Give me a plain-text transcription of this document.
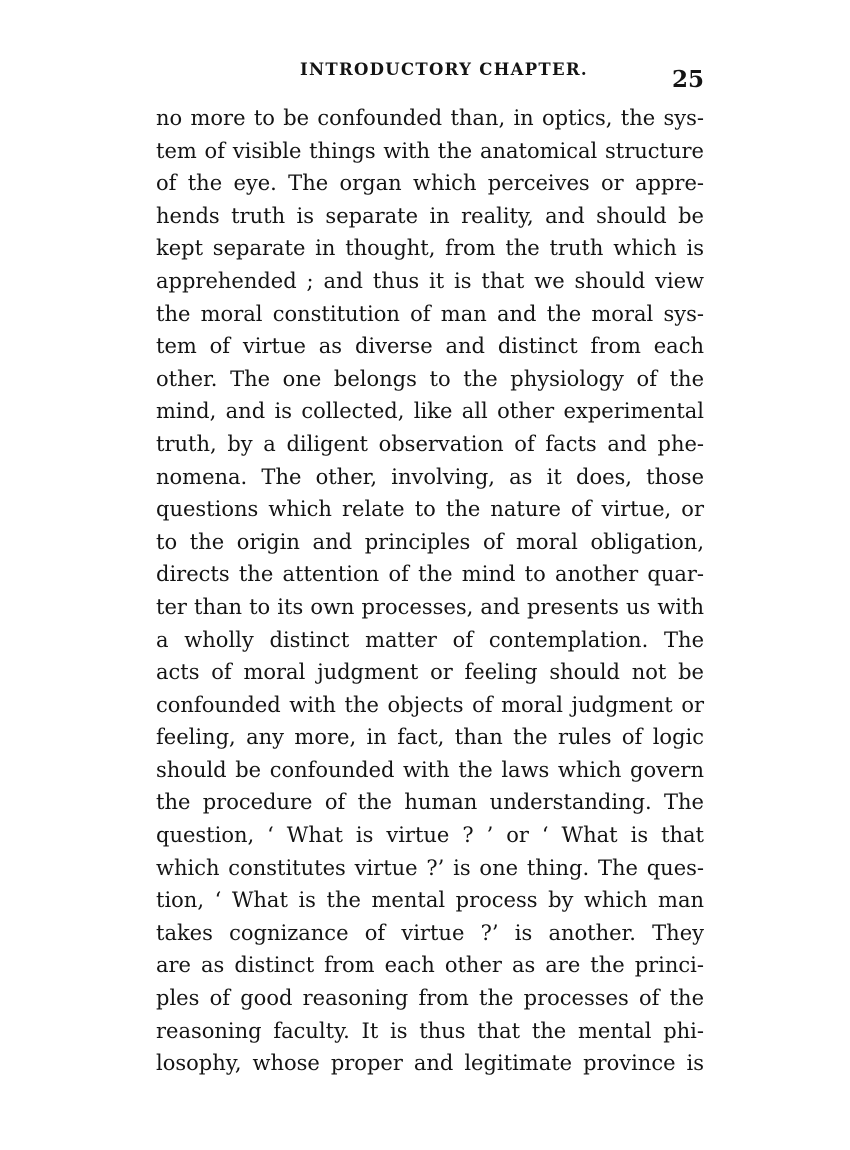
INTRODUCTORY CHAPTER.	25
no more to be confounded than, in optics, the sys-
tem of visible things with the anatomical structure
of the eye. The organ which perceives or appre-
hends truth is separate in reality, and should be
kept separate in thought, from the truth which is
apprehended ; and thus it is that we should view
the moral constitution of man and the moral sys-
tem of virtue as diverse and distinct from each
other. The one belongs to the physiology of the
mind, and is collected, like all other experimental
truth, by a diligent observation of facts and phe-
nomena. The other, involving, as it does, those
questions which relate to the nature of virtue, or
to the origin and principles of moral obligation,
directs the attention of the mind to another quar-
ter than to its own processes, and presents us with
a wholly distinct matter of contemplation. The
acts of moral judgment or feeling should not be
confounded with the objects of moral judgment or
feeling, any more, in fact, than the rules of logic
should be confounded with the laws which govern
the procedure of the human understanding. The
question, ‘ What is virtue ? ’ or ‘ What is that
which constitutes virtue ?’ is one thing. The ques-
tion, ‘ What is the mental process by which man
takes cognizance of virtue ?’ is another. They
are as distinct from each other as are the princi-
ples of good reasoning from the processes of the
reasoning faculty. It is thus that the mental phi-
losophy, whose proper and legitimate province is
